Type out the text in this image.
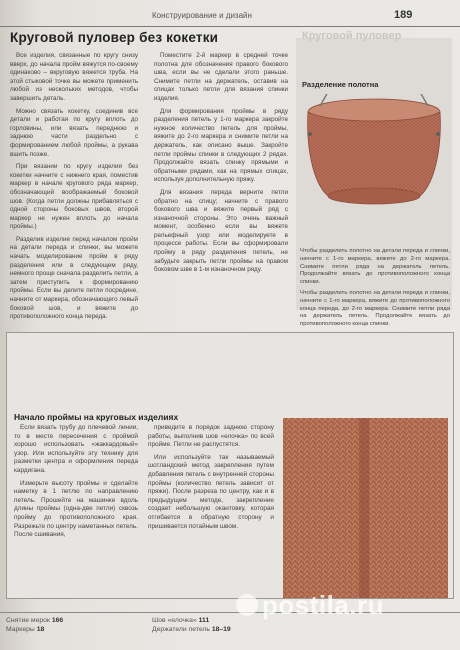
Конструирование и дизайн	189
Круговой пуловер без кокетки

Все изделия, связанные по кругу снизу вверх, до начала пройм вяжутся по-своему одинаково – вкруговую вяжется труба. На этой стыковой точке вы можете применить любой из нескольких методов, чтобы завершить деталь.

Можно связать кокетку, соединив все детали и работая по кругу вплоть до горловины, или вязать переднюю и заднюю части раздельно с формированием любой проймы, а рукава вшить позже.

При вязании по кругу изделия без кокетки начните с нижнего края, поместив маркер в начале кругового ряда маркер, обозначающий воображаемый боковой шов. (Когда петли должны прибавляться с одной стороны боковых швов, второй маркер не нужен вплоть до начала проймы.)

Разделив изделие перед началом пройм на детали переда и спинки, вы можете начать моделирование пройм в ряду разделения или в следующем ряду, немного проще сначала разделить петли, а затем приступить к формированию проймы. Если вы делите петли посредине, начните от маркера, обозначающего левый боковой шов, и вяжите до противоположного конца переда.

Поместите 2-й маркер в средней точке полотна для обозначения правого бокового шва, если вы не сделали этого раньше. Снимите петли на держатель, оставив на спицах только петли для вязания спинки изделия.

Для формирования проймы в ряду разделения петель у 1-го маркера закройте нужное количество петель для проймы, вяжите до 2-го маркера и снимите петли на держатель, как описано выше. Закройте петли проймы спинки в следующих 2 рядах. Продолжайте вязать спинку прямыми и обратными рядами, как на прямых спицах, используя дополнительную пряжу.

Для вязания переда верните петли обратно на спицу; начните с правого бокового шва и вяжите первый ряд с изнаночной стороны. Это очень важный момент, особенно если вы вяжете рельефный узор или моделируете в процессе работы. Если вы сформировали пройму в ряду разделения петель, не забудьте закрыть петли проймы на правом боковом шве в 1-м изнаночном ряду.

Круговой пуловер
Разделение полотна

Чтобы разделить полотно на детали переда и спинки, начните с 1-го маркера, вяжите до 2-го маркера. Снимите петли ряда на держатель петель. Продолжайте вязать до противоположного конца спинки.

Чтобы разделить полотно на детали переда и спинки, начните с 1-го маркера, вяжите до противоположного конца переда, до 2-го маркера. Снимите петли ряда на держатель петель. Продолжайте вязать до противоположного конца спинки.

Начало проймы на круговых изделиях

Если вязать трубу до плечевой линии, то в месте пересечения с проймой хорошо использовать «жаккардовый» узор. Или используйте эту технику для разметки центра и оформления переда кардигана.

Измерьте высоту проймы и сделайте наметку в 1 петлю по направлению петель. Прошейте на машинке вдоль длины проймы (одна-две петли) сквозь пройму до противоположного края. Разрежьте по центру наметанных петель. После сшивания,

приведите в порядок заднюю сторону работы, выполнив шов «елочка» по всей пройме. Петли не распустятся.

Или используйте так называемый шотландский метод закрепления путем добавления петель с внутренней стороны проймы (количество петель зависит от пряжи). После разреза по центру, как и в предыдущем методе, закрепление создает небольшую окантовку, которая отгибается в обратную сторону и пришивается потайным швом.

Снятие мерок 166
Маркеры 18
Шов «елочка» 111
Держатели петель 18–19
postila.ru
